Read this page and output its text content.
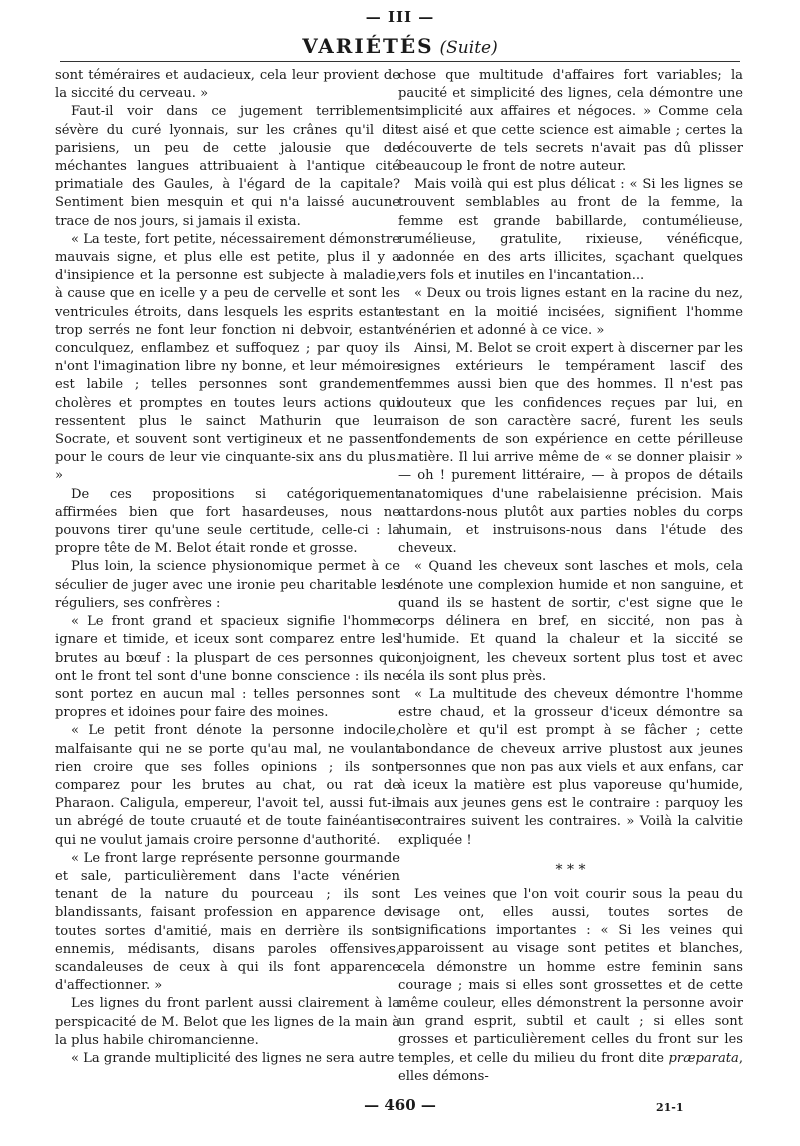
— III —
VARIÉTÉS (Suite)

sont téméraires et audacieux, cela leur provient de la siccité du cerveau. »

Faut-il voir dans ce jugement terriblement sévère du curé lyonnais, sur les crânes qu'il dit parisiens, un peu de cette jalousie que de méchantes langues attribuaient à l'antique cité primatiale des Gaules, à l'égard de la capitale? Sentiment bien mesquin et qui n'a laissé aucune trace de nos jours, si jamais il exista.

« La teste, fort petite, nécessairement démonstre mauvais signe, et plus elle est petite, plus il y a d'insipience et la personne est subjecte à maladie, à cause que en icelle y a peu de cervelle et sont les ventricules étroits, dans lesquels les esprits estant trop serrés ne font leur fonction ni debvoir, estant conculquez, enflambez et suffoquez ; par quoy ils n'ont l'imagination libre ny bonne, et leur mémoire est labile ; telles personnes sont grandement cholères et promptes en toutes leurs actions qui ressentent plus le sainct Mathurin que leur Socrate, et souvent sont vertigineux et ne passent pour le cours de leur vie cinquante-six ans du plus. »

De ces propositions si catégoriquement affirmées bien que fort hasardeuses, nous ne pouvons tirer qu'une seule certitude, celle-ci : la propre tête de M. Belot était ronde et grosse.

Plus loin, la science physionomique permet à ce séculier de juger avec une ironie peu charitable les réguliers, ses confrères :

« Le front grand et spacieux signifie l'homme ignare et timide, et iceux sont comparez entre les brutes au bœuf : la pluspart de ces personnes qui ont le front tel sont d'une bonne conscience : ils ne sont portez en aucun mal : telles personnes sont propres et idoines pour faire des moines.

« Le petit front dénote la personne indocile, malfaisante qui ne se porte qu'au mal, ne voulant rien croire que ses folles opinions ; ils sont comparez pour les brutes au chat, ou rat de Pharaon. Caligula, empereur, l'avoit tel, aussi fut-il un abrégé de toute cruauté et de toute fainéantise qui ne voulut jamais croire personne d'authorité.

« Le front large représente personne gourmande et sale, particulièrement dans l'acte vénérien tenant de la nature du pourceau ; ils sont blandissants, faisant profession en apparence de toutes sortes d'amitié, mais en derrière ils sont ennemis, médisants, disans paroles offensives, scandaleuses de ceux à qui ils font apparence d'affectionner. »

Les lignes du front parlent aussi clairement à la perspicacité de M. Belot que les lignes de la main à la plus habile chiromancienne.

« La grande multiplicité des lignes ne sera autre

chose que multitude d'affaires fort variables; la paucité et simplicité des lignes, cela démontre une simplicité aux affaires et négoces. » Comme cela est aisé et que cette science est aimable ; certes la découverte de tels secrets n'avait pas dû plisser beaucoup le front de notre auteur.

Mais voilà qui est plus délicat : « Si les lignes se trouvent semblables au front de la femme, la femme est grande babillarde, contumélieuse, rumélieuse, gratulite, rixieuse, vénéficque, adonnée en des arts illicites, sçachant quelques vers fols et inutiles en l'incantation...

« Deux ou trois lignes estant en la racine du nez, estant en la moitié incisées, signifient l'homme vénérien et adonné à ce vice. »

Ainsi, M. Belot se croit expert à discerner par les signes extérieurs le tempérament lascif des femmes aussi bien que des hommes. Il n'est pas douteux que les confidences reçues par lui, en raison de son caractère sacré, furent les seuls fondements de son expérience en cette périlleuse matière. Il lui arrive même de « se donner plaisir » — oh ! purement littéraire, — à propos de détails anatomiques d'une rabelaisienne précision. Mais attardons-nous plutôt aux parties nobles du corps humain, et instruisons-nous dans l'étude des cheveux.

« Quand les cheveux sont lasches et mols, cela dénote une complexion humide et non sanguine, et quand ils se hastent de sortir, c'est signe que le corps délinera en bref, en siccité, non pas à l'humide. Et quand la chaleur et la siccité se conjoignent, les cheveux sortent plus tost et avec céla ils sont plus près.

« La multitude des cheveux démontre l'homme estre chaud, et la grosseur d'iceux démontre sa cholère et qu'il est prompt à se fâcher ; cette abondance de cheveux arrive plustost aux jeunes personnes que non pas aux viels et aux enfans, car à iceux la matière est plus vaporeuse qu'humide, mais aux jeunes gens est le contraire : parquoy les contraires suivent les contraires. » Voilà la calvitie expliquée !

* * *

Les veines que l'on voit courir sous la peau du visage ont, elles aussi, toutes sortes de significations importantes : « Si les veines qui apparoissent au visage sont petites et blanches, cela démonstre un homme estre feminin sans courage ; mais si elles sont grossettes et de cette même couleur, elles démonstrent la personne avoir un grand esprit, subtil et cault ; si elles sont grosses et particulièrement celles du front sur les temples, et celle du milieu du front dite præparata, elles démons-

— 460 —	21-1
